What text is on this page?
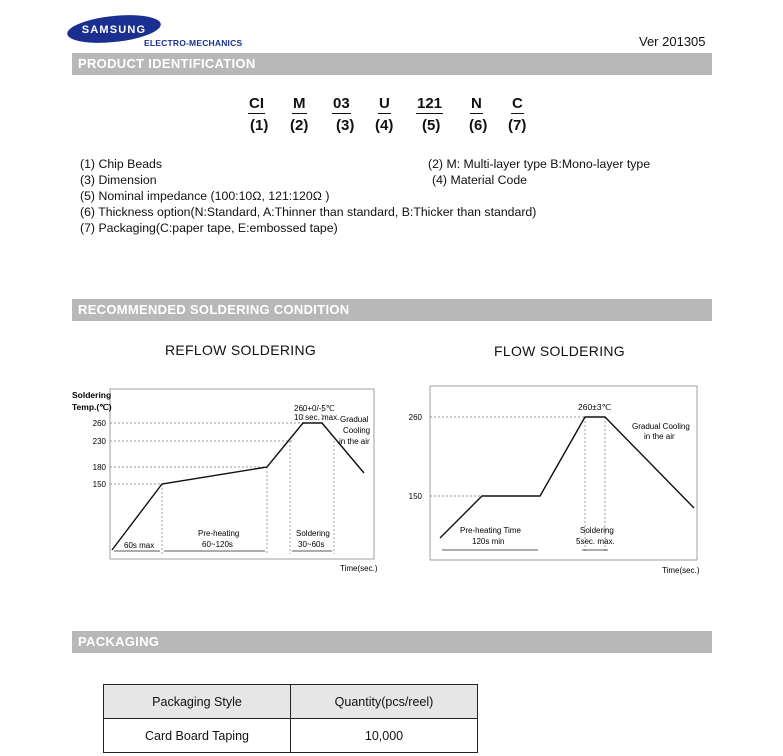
SAMSUNG
ELECTRO-MECHANICS	Ver 201305
PRODUCT IDENTIFICATION
RECOMMENDED SOLDERING CONDITION
PACKAGING
CI M 03 U 121 N C
(1) (2) (3) (4) (5) (6) (7)
(1) Chip Beads	(2) M: Multi-layer type B:Mono-layer type
(3) Dimension	(4) Material Code
(5) Nominal impedance (100:10Ω, 121:120Ω )
(6) Thickness option(N:Standard, A:Thinner than standard, B:Thicker than standard)
(7) Packaging(C:paper tape, E:embossed tape)
REFLOW SOLDERING	FLOW SOLDERING
Soldering
Temp.(℃)
260
230
180
150
260+0/-5℃
10 sec. max. Gradual
Cooling
in the air
60s max
Pre-heating
60~120s
Soldering
30~60s
Time(sec.)
260
150
260±3℃
Gradual Cooling
in the air
Pre-heating Time
120s min
Soldering
5sec. max.
Time(sec.)
Packaging Style	Quantity(pcs/reel)
Card Board Taping	10,000
